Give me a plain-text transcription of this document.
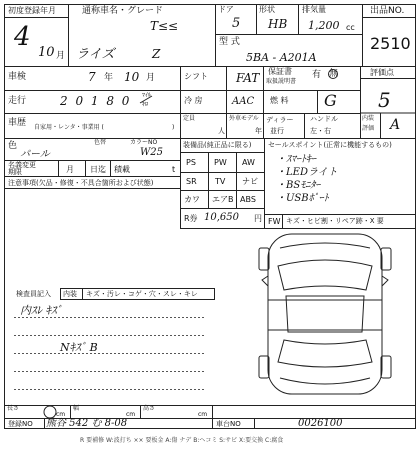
初度登録年月
4
10 月
通称車名・グレード
T≤≤
ライズ	Z
ドア
5
形状
HB
排気量
1,200 cc
型 式
5BA - A201A
出品NO.
2510
車検	7 年 10 月	シフト FAT 保証書
取扱説明書
有 無	評価点
5
走行	2 0 1 8 0 ﾏｲﾙ
ｷﾛ	冷 房	AAC 燃 料 G
車歴 自家用・レンタ・事業用 (	)
定員
人
外車モデル
年
ディラー
並行
ハンドル
左・右
内装
評価 A
色
パール
色替	カラーNO
W25
装備品(純正品に限る)
PS PW AW
SR TV ナビ
カワ エアB ABS
R券 10,650 円 FW キズ・ヒビ割・リペア跡・X 要
セールスポイント(正常に機能するもの)
・ｽﾏｰﾄｷｰ
・LEDライト
・BSﾓﾆﾀｰ
・USBﾎﾟｰﾄ
名義変更
期限	月 日迄 積載	t
注意事項(欠品・修復・不具合箇所および状態)
検査員記入 内装 キズ・汚レ・コゲ・穴・スレ・キレ
内ｽﾚ ｷｽﾞ
Nｷｽﾞ B
長さ
cm
幅
cm
高さ
cm
登録NO 熊谷 542 む 8-08	車台NO	0026100
R 要補修 W:波打ち ×× 要板金 A:傷 ナデ B:ヘコミ S:サビ X:要交換 C:腐食
